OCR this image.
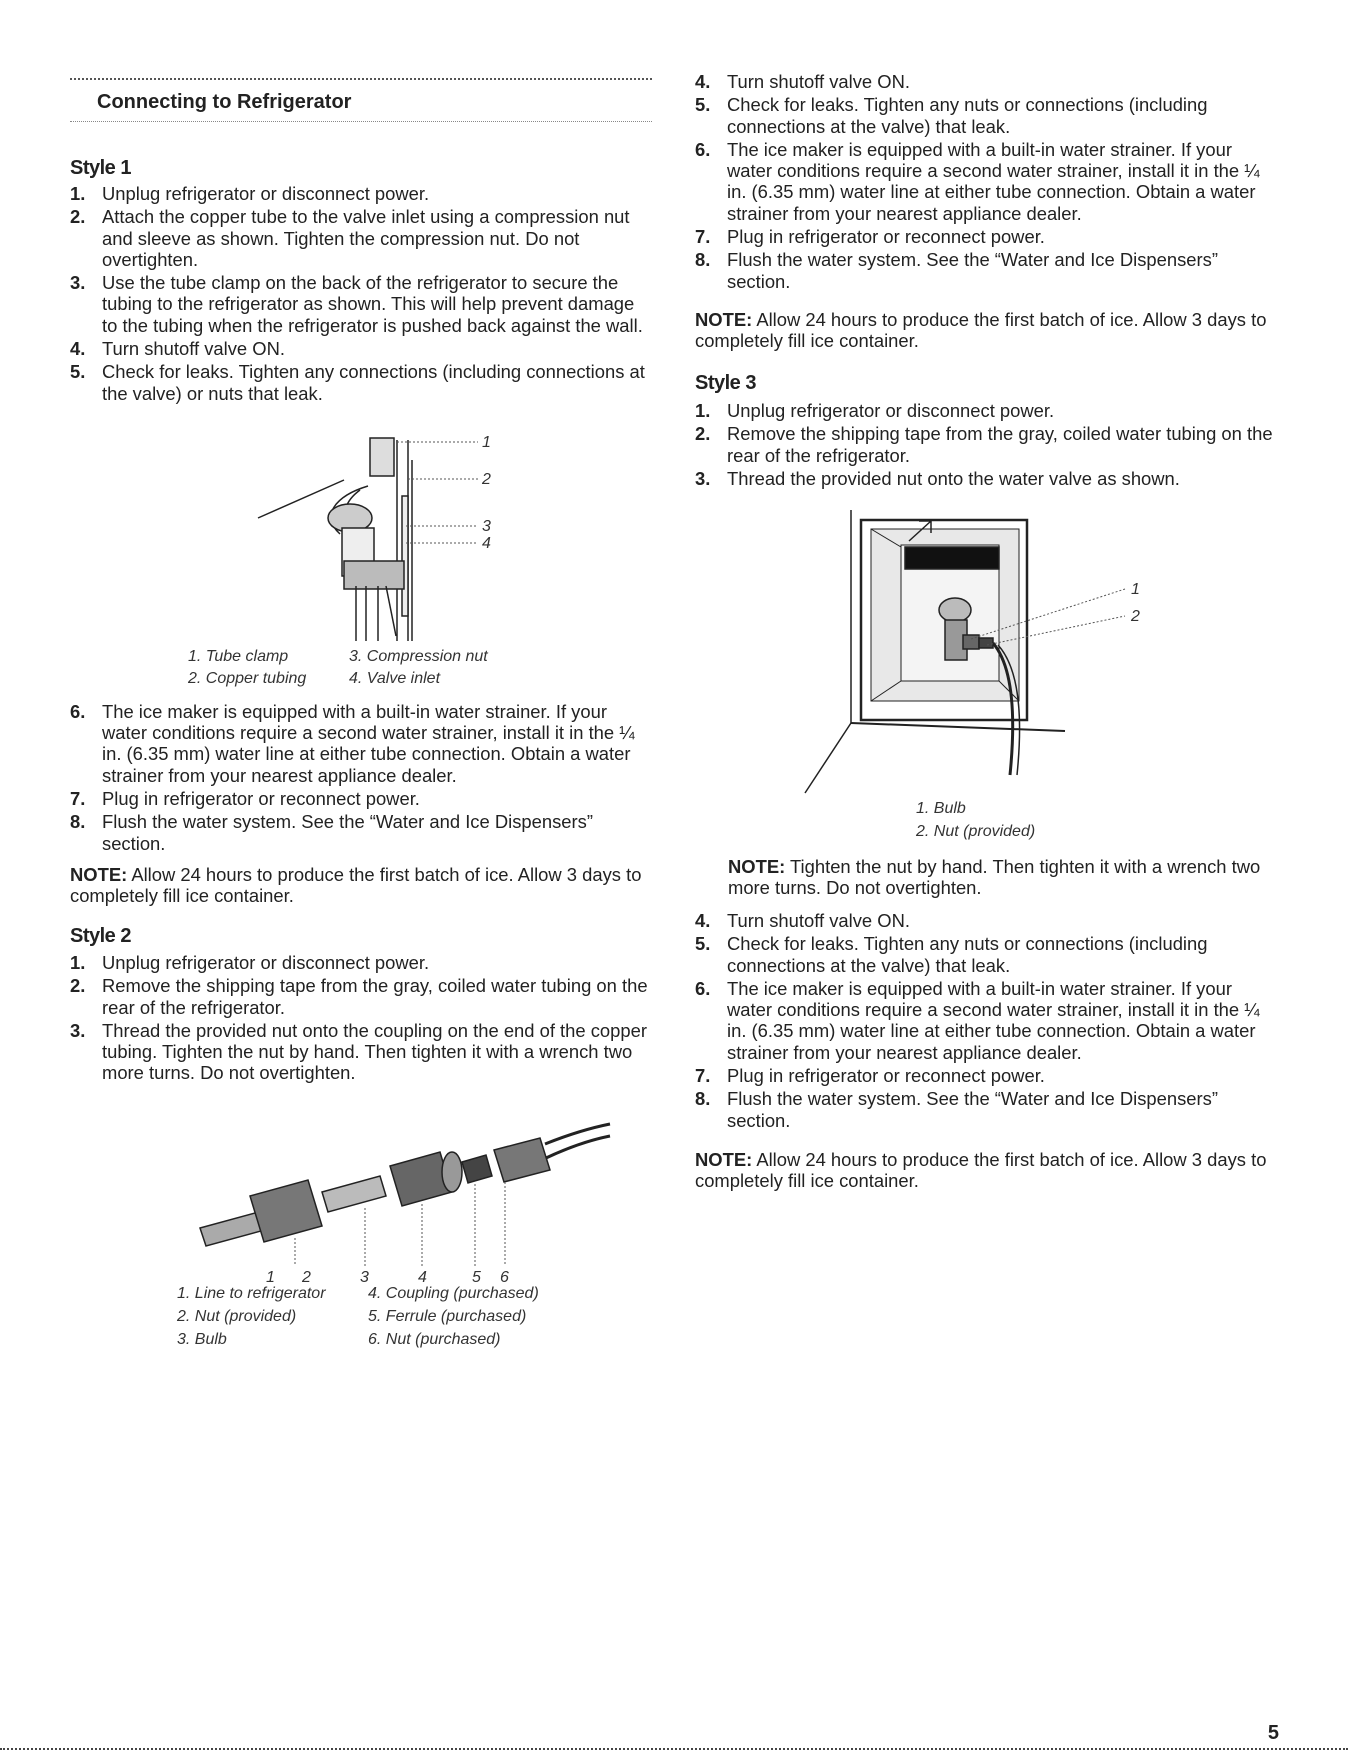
Connecting to Refrigerator
Style 1
1. Unplug refrigerator or disconnect power.
2. Attach the copper tube to the valve inlet using a compression nut and sleeve as shown. Tighten the compression nut. Do not overtighten.
3. Use the tube clamp on the back of the refrigerator to secure the tubing to the refrigerator as shown. This will help prevent damage to the tubing when the refrigerator is pushed back against the wall.
4. Turn shutoff valve ON.
5. Check for leaks. Tighten any connections (including connections at the valve) or nuts that leak.
1
2
3
4
1. Tube clamp
2. Copper tubing
3. Compression nut
4. Valve inlet
6. The ice maker is equipped with a built-in water strainer. If your water conditions require a second water strainer, install it in the ¼ in. (6.35 mm) water line at either tube connection. Obtain a water strainer from your nearest appliance dealer.
7. Plug in refrigerator or reconnect power.
8. Flush the water system. See the “Water and Ice Dispensers” section.
NOTE: Allow 24 hours to produce the first batch of ice. Allow 3 days to completely fill ice container.
Style 2
1. Unplug refrigerator or disconnect power.
2. Remove the shipping tape from the gray, coiled water tubing on the rear of the refrigerator.
3. Thread the provided nut onto the coupling on the end of the copper tubing. Tighten the nut by hand. Then tighten it with a wrench two more turns. Do not overtighten.
1 2	3	4	5 6
1. Line to refrigerator
2. Nut (provided)
3. Bulb
4. Coupling (purchased)
5. Ferrule (purchased)
6. Nut (purchased)
4. Turn shutoff valve ON.
5. Check for leaks. Tighten any nuts or connections (including connections at the valve) that leak.
6. The ice maker is equipped with a built-in water strainer. If your water conditions require a second water strainer, install it in the ¼ in. (6.35 mm) water line at either tube connection. Obtain a water strainer from your nearest appliance dealer.
7. Plug in refrigerator or reconnect power.
8. Flush the water system. See the “Water and Ice Dispensers” section.
NOTE: Allow 24 hours to produce the first batch of ice. Allow 3 days to completely fill ice container.
Style 3
1. Unplug refrigerator or disconnect power.
2. Remove the shipping tape from the gray, coiled water tubing on the rear of the refrigerator.
3. Thread the provided nut onto the water valve as shown.
1
2
1. Bulb
2. Nut (provided)
NOTE: Tighten the nut by hand. Then tighten it with a wrench two more turns. Do not overtighten.
4. Turn shutoff valve ON.
5. Check for leaks. Tighten any nuts or connections (including connections at the valve) that leak.
6. The ice maker is equipped with a built-in water strainer. If your water conditions require a second water strainer, install it in the ¼ in. (6.35 mm) water line at either tube connection. Obtain a water strainer from your nearest appliance dealer.
7. Plug in refrigerator or reconnect power.
8. Flush the water system. See the “Water and Ice Dispensers” section.
NOTE: Allow 24 hours to produce the first batch of ice. Allow 3 days to completely fill ice container.
5
